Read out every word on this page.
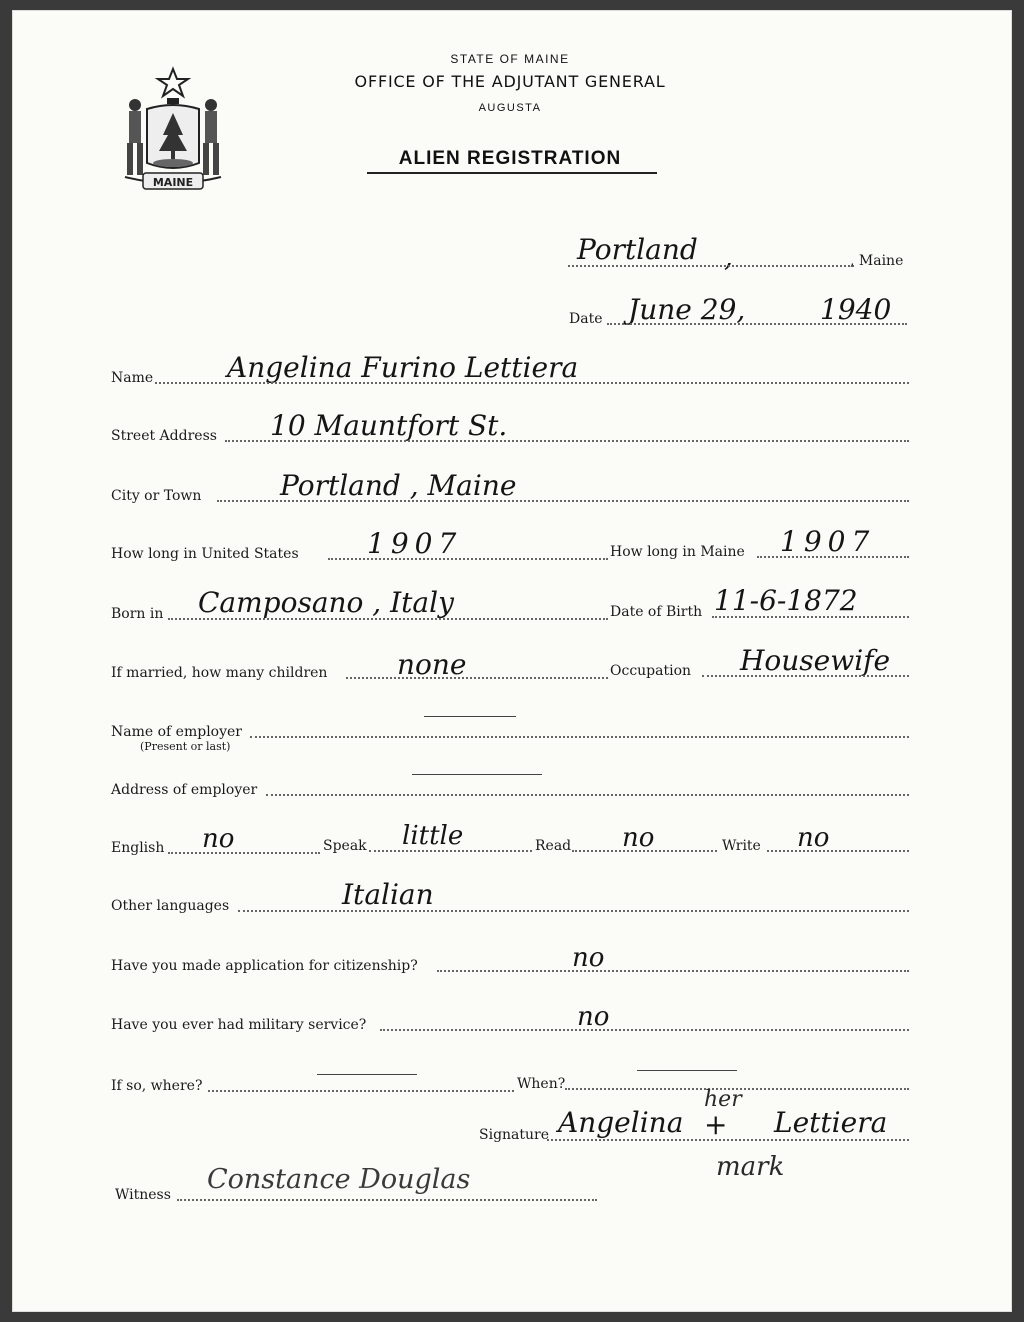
MAINE
STATE OF MAINE
OFFICE OF THE ADJUTANT GENERAL
AUGUSTA
ALIEN REGISTRATION
Portland ,	, Maine
Date June 29,	1940
Name	Angelina Furino Lettiera
Street Address 10 Mauntfort St.
City or Town	Portland , Maine
How long in United States 1907	How long in Maine 1907
Born in Camposano , Italy	Date of Birth 11-6-1872
If married, how many children none	Occupation Housewife
Name of employer
(Present or last)
Address of employer
English no	Speak little	Read no	Write no
Other languages	Italian
Have you made application for citizenship?	no
Have you ever had military service?	no
If so, where?	When?
her
Signature Angelina + Lettiera
mark
Witness Constance Douglas
